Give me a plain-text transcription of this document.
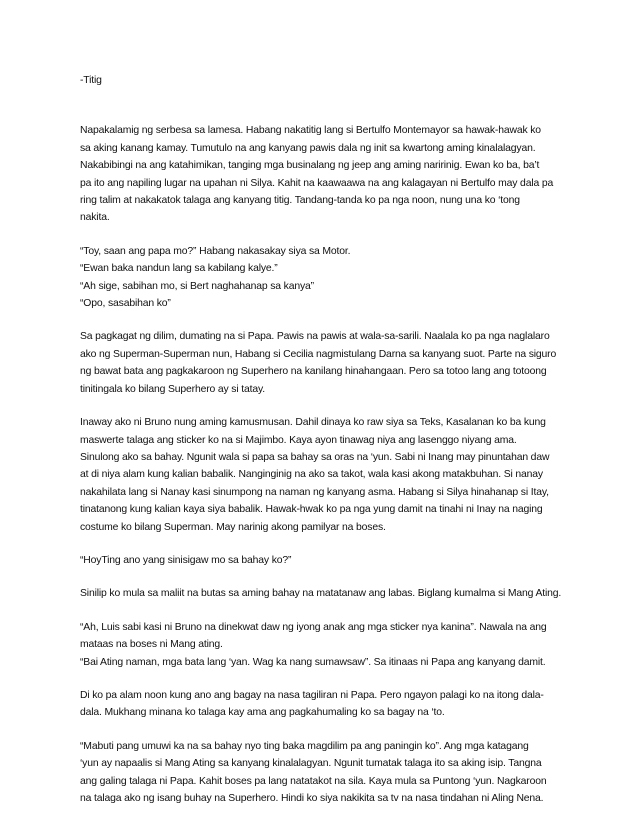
-Titig

Napakalamig ng serbesa sa lamesa. Habang nakatitig lang si Bertulfo Montemayor sa hawak-hawak ko

sa aking kanang kamay. Tumutulo na ang kanyang pawis dala ng init sa kwartong aming kinalalagyan.

Nakabibingi na ang katahimikan, tanging mga businalang ng jeep ang aming naririnig. Ewan ko ba, ba’t

pa ito ang napiling lugar na upahan ni Silya. Kahit na kaawaawa na ang kalagayan ni Bertulfo may dala pa

ring talim at nakakatok talaga ang kanyang titig. Tandang-tanda ko pa nga noon, nung una ko ‘tong

nakita.

“Toy, saan ang papa mo?” Habang nakasakay siya sa Motor.

“Ewan baka nandun lang sa kabilang kalye.”

“Ah sige, sabihan mo, si Bert naghahanap sa kanya”

“Opo, sasabihan ko”

Sa pagkagat ng dilim, dumating na si Papa. Pawis na pawis at wala-sa-sarili. Naalala ko pa nga naglalaro

ako ng Superman-Superman nun, Habang si Cecilia nagmistulang Darna sa kanyang suot. Parte na siguro

ng bawat bata ang pagkakaroon ng Superhero na kanilang hinahangaan. Pero sa totoo lang ang totoong

tinitingala ko bilang Superhero ay si tatay.

Inaway ako ni Bruno nung aming kamusmusan. Dahil dinaya ko raw siya sa Teks, Kasalanan ko ba kung

maswerte talaga ang sticker ko na si Majimbo. Kaya ayon tinawag niya ang lasenggo niyang ama.

Sinulong ako sa bahay. Ngunit wala si papa sa bahay sa oras na ‘yun. Sabi ni Inang may pinuntahan daw

at di niya alam kung kalian babalik. Nanginginig na ako sa takot, wala kasi akong matakbuhan. Si nanay

nakahilata lang si Nanay kasi sinumpong na naman ng kanyang asma. Habang si Silya hinahanap si Itay,

tinatanong kung kalian kaya siya babalik. Hawak-hwak ko pa nga yung damit na tinahi ni Inay na naging

costume ko bilang Superman. May narinig akong pamilyar na boses.

“HoyTing ano yang sinisigaw mo sa bahay ko?”

Sinilip ko mula sa maliit na butas sa aming bahay na matatanaw ang labas. Biglang kumalma si Mang Ating.

“Ah, Luis sabi kasi ni Bruno na dinekwat daw ng iyong anak ang mga sticker nya kanina”. Nawala na ang

mataas na boses ni Mang ating.

“Bai Ating naman, mga bata lang ‘yan. Wag ka nang sumawsaw”. Sa itinaas ni Papa ang kanyang damit.

Di ko pa alam noon kung ano ang bagay na nasa tagiliran ni Papa. Pero ngayon palagi ko na itong dala-

dala. Mukhang minana ko talaga kay ama ang pagkahumaling ko sa bagay na ‘to.

“Mabuti pang umuwi ka na sa bahay nyo ting baka magdilim pa ang paningin ko”. Ang mga katagang

‘yun ay napaalis si Mang Ating sa kanyang kinalalagyan. Ngunit tumatak talaga ito sa aking isip. Tangna

ang galing talaga ni Papa. Kahit boses pa lang natatakot na sila. Kaya mula sa Puntong ‘yun. Nagkaroon

na talaga ako ng isang buhay na Superhero. Hindi ko siya nakikita sa tv na nasa tindahan ni Aling Nena.
